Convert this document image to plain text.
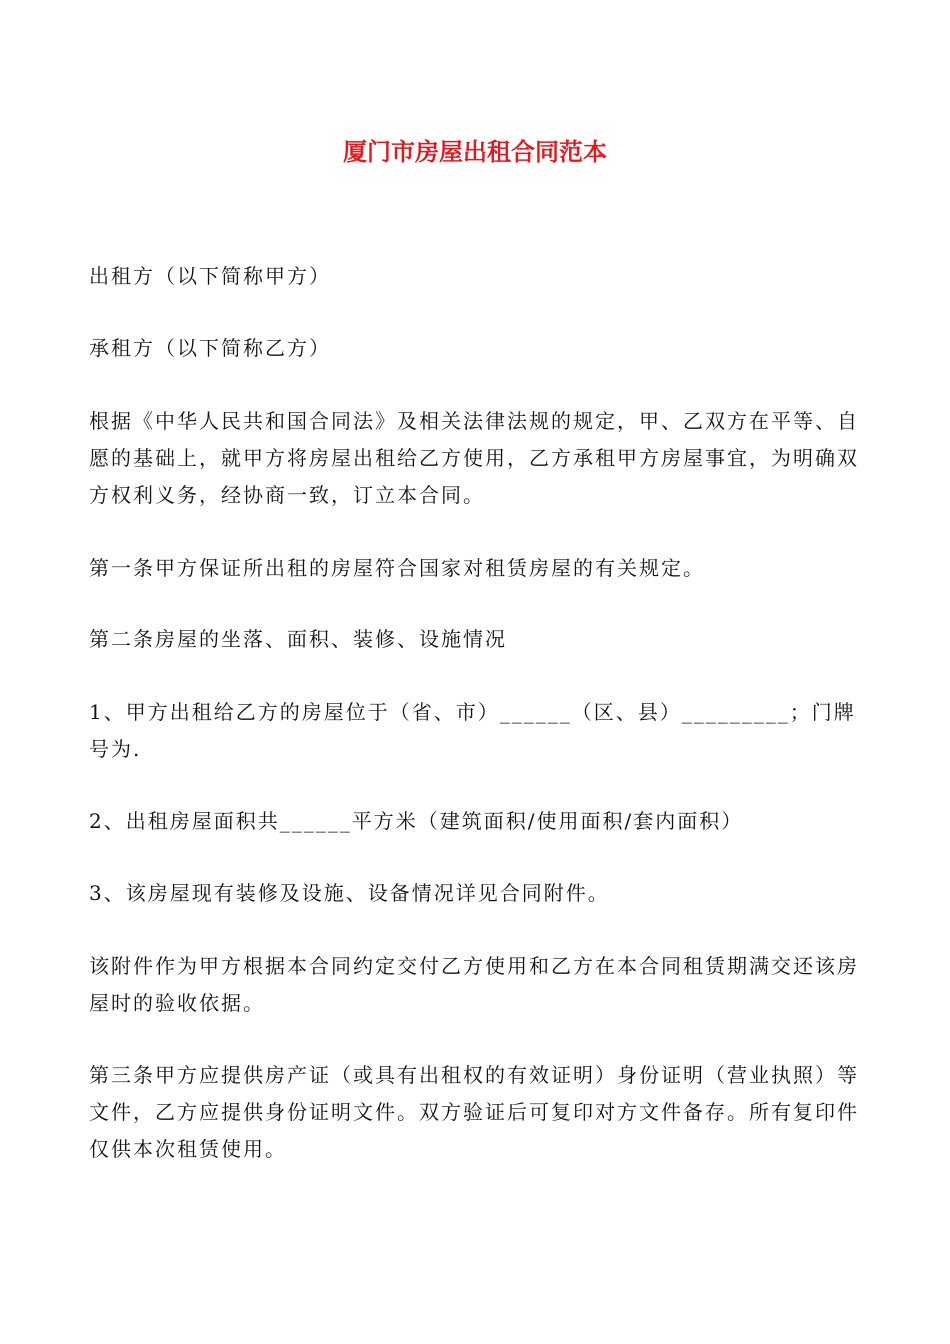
厦门市房屋出租合同范本
出租方（以下简称甲方）
承租方（以下简称乙方）
根据《中华人民共和国合同法》及相关法律法规的规定，甲、乙双方在平等、自愿的基础上，就甲方将房屋出租给乙方使用，乙方承租甲方房屋事宜，为明确双方权利义务，经协商一致，订立本合同。
第一条甲方保证所出租的房屋符合国家对租赁房屋的有关规定。
第二条房屋的坐落、面积、装修、设施情况
1、甲方出租给乙方的房屋位于（省、市）______（区、县）_________；门牌号为.
2、出租房屋面积共______平方米（建筑面积/使用面积/套内面积）
3、该房屋现有装修及设施、设备情况详见合同附件。
该附件作为甲方根据本合同约定交付乙方使用和乙方在本合同租赁期满交还该房屋时的验收依据。
第三条甲方应提供房产证（或具有出租权的有效证明）身份证明（营业执照）等文件，乙方应提供身份证明文件。双方验证后可复印对方文件备存。所有复印件仅供本次租赁使用。
